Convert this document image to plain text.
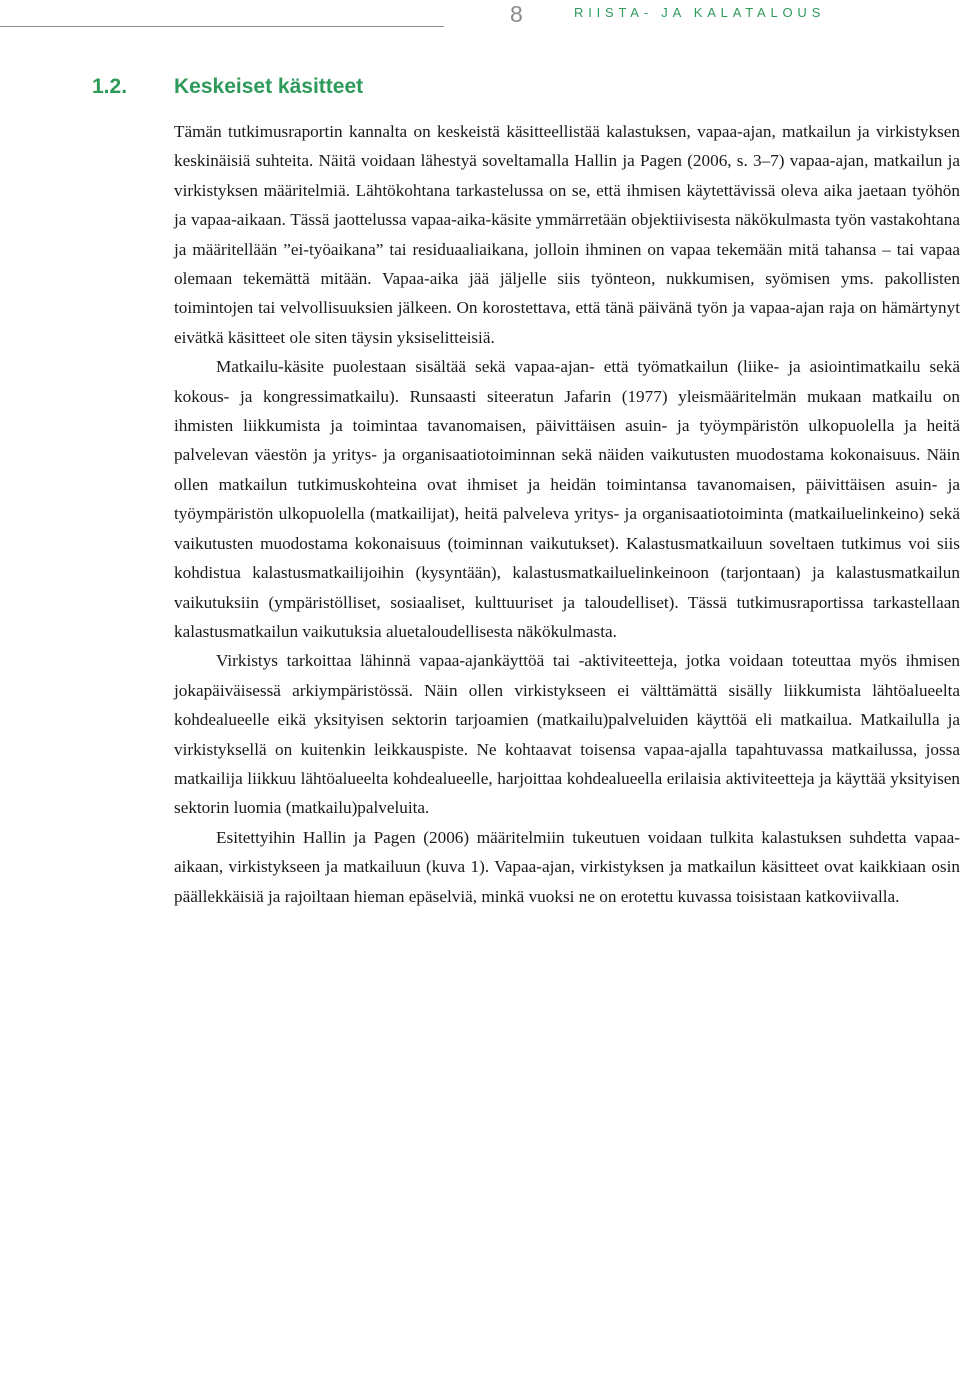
8	RIISTA- JA KALATALOUS
1.2. Keskeiset käsitteet

Tämän tutkimusraportin kannalta on keskeistä käsitteellistää kalastuksen, vapaa-ajan, matkailun ja virkistyksen keskinäisiä suhteita. Näitä voidaan lähestyä soveltamalla Hallin ja Pagen (2006, s. 3–7) vapaa-ajan, matkailun ja virkistyksen määritelmiä. Lähtökohtana tarkastelussa on se, että ihmisen käytettävissä oleva aika jaetaan työhön ja vapaa-aikaan. Tässä jaottelussa vapaa-aika-käsite ymmärretään objektiivisesta näkökulmasta työn vastakohtana ja määritellään ”ei-työaikana” tai residuaaliaikana, jolloin ihminen on vapaa tekemään mitä tahansa – tai vapaa olemaan tekemättä mitään. Vapaa-aika jää jäljelle siis työnteon, nukkumisen, syömisen yms. pakollisten toimintojen tai velvollisuuksien jälkeen. On korostettava, että tänä päivänä työn ja vapaa-ajan raja on hämärtynyt eivätkä käsitteet ole siten täysin yksiselitteisiä.

Matkailu-käsite puolestaan sisältää sekä vapaa-ajan- että työmatkailun (liike- ja asiointimatkailu sekä kokous- ja kongressimatkailu). Runsaasti siteeratun Jafarin (1977) yleismääritelmän mukaan matkailu on ihmisten liikkumista ja toimintaa tavanomaisen, päivittäisen asuin- ja työympäristön ulkopuolella ja heitä palvelevan väestön ja yritys- ja organisaatiotoiminnan sekä näiden vaikutusten muodostama kokonaisuus. Näin ollen matkailun tutkimuskohteina ovat ihmiset ja heidän toimintansa tavanomaisen, päivittäisen asuin- ja työympäristön ulkopuolella (matkailijat), heitä palveleva yritys- ja organisaatiotoiminta (matkailuelinkeino) sekä vaikutusten muodostama kokonaisuus (toiminnan vaikutukset). Kalastusmatkailuun soveltaen tutkimus voi siis kohdistua kalastusmatkailijoihin (kysyntään), kalastusmatkailuelinkeinoon (tarjontaan) ja kalastusmatkailun vaikutuksiin (ympäristölliset, sosiaaliset, kulttuuriset ja taloudelliset). Tässä tutkimusraportissa tarkastellaan kalastusmatkailun vaikutuksia aluetaloudellisesta näkökulmasta.

Virkistys tarkoittaa lähinnä vapaa-ajankäyttöä tai -aktiviteetteja, jotka voidaan toteuttaa myös ihmisen jokapäiväisessä arkiympäristössä. Näin ollen virkistykseen ei välttämättä sisälly liikkumista lähtöalueelta kohdealueelle eikä yksityisen sektorin tarjoamien (matkailu)palveluiden käyttöä eli matkailua. Matkailulla ja virkistyksellä on kuitenkin leikkauspiste. Ne kohtaavat toisensa vapaa-ajalla tapahtuvassa matkailussa, jossa matkailija liikkuu lähtöalueelta kohdealueelle, harjoittaa kohdealueella erilaisia aktiviteetteja ja käyttää yksityisen sektorin luomia (matkailu)palveluita.

Esitettyihin Hallin ja Pagen (2006) määritelmiin tukeutuen voidaan tulkita kalastuksen suhdetta vapaa-aikaan, virkistykseen ja matkailuun (kuva 1). Vapaa-ajan, virkistyksen ja matkailun käsitteet ovat kaikkiaan osin päällekkäisiä ja rajoiltaan hieman epäselviä, minkä vuoksi ne on erotettu kuvassa toisistaan katkoviivalla.
